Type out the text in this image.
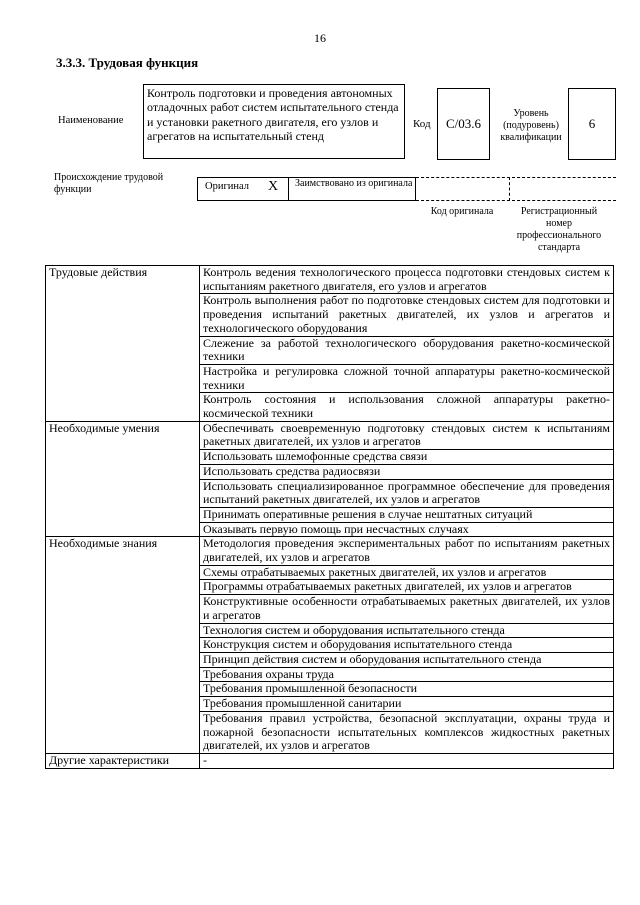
16
3.3.3. Трудовая функция
Наименование
Контроль подготовки и проведения автономных отладочных работ систем испытательного стенда и установки ракетного двигателя, его узлов и агрегатов на испытательный стенд
Код	С/03.6
Уровень (подуровень) квалификации
6
Происхождение трудовой функции	Оригинал Х Заимствовано из оригинала
Код оригинала	Регистрационный номер профессионального стандарта
Трудовые действия	Контроль ведения технологического процесса подготовки стендовых систем к испытаниям ракетного двигателя, его узлов и агрегатов
	Контроль выполнения работ по подготовке стендовых систем для подготовки и проведения испытаний ракетных двигателей, их узлов и агрегатов и технологического оборудования
	Слежение за работой технологического оборудования ракетно-космической техники
	Настройка и регулировка сложной точной аппаратуры ракетно-космической техники
	Контроль состояния и использования сложной аппаратуры ракетно-космической техники
Необходимые умения	Обеспечивать своевременную подготовку стендовых систем к испытаниям ракетных двигателей, их узлов и агрегатов
	Использовать шлемофонные средства связи
	Использовать средства радиосвязи
	Использовать специализированное программное обеспечение для проведения испытаний ракетных двигателей, их узлов и агрегатов
	Принимать оперативные решения в случае нештатных ситуаций
	Оказывать первую помощь при несчастных случаях
Необходимые знания	Методология проведения экспериментальных работ по испытаниям ракетных двигателей, их узлов и агрегатов
	Схемы отрабатываемых ракетных двигателей, их узлов и агрегатов
	Программы отрабатываемых ракетных двигателей, их узлов и агрегатов
	Конструктивные особенности отрабатываемых ракетных двигателей, их узлов и агрегатов
	Технология систем и оборудования испытательного стенда
	Конструкция систем и оборудования испытательного стенда
	Принцип действия систем и оборудования испытательного стенда
	Требования охраны труда
	Требования промышленной безопасности
	Требования промышленной санитарии
	Требования правил устройства, безопасной эксплуатации, охраны труда и пожарной безопасности испытательных комплексов жидкостных ракетных двигателей, их узлов и агрегатов
Другие характеристики	-
